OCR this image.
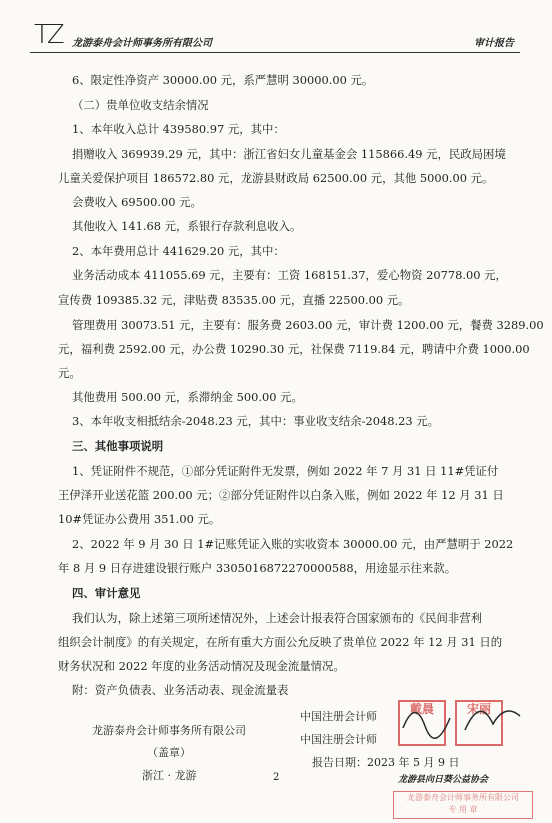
TZ 龙游泰舟会计师事务所有限公司	审计报告
6、限定性净资产 30000.00 元，系严慧明 30000.00 元。
（二）贵单位收支结余情况
1、本年收入总计 439580.97 元，其中：
捐赠收入 369939.29 元，其中：浙江省妇女儿童基金会 115866.49 元，民政局困境
儿童关爱保护项目 186572.80 元，龙游县财政局 62500.00 元，其他 5000.00 元。
会费收入 69500.00 元。
其他收入 141.68 元，系银行存款利息收入。
2、本年费用总计 441629.20 元，其中：
业务活动成本 411055.69 元，主要有：工资 168151.37，爱心物资 20778.00 元，
宣传费 109385.32 元，津贴费 83535.00 元，直播 22500.00 元。
管理费用 30073.51 元，主要有：服务费 2603.00 元，审计费 1200.00 元，餐费 3289.00
元，福利费 2592.00 元，办公费 10290.30 元，社保费 7119.84 元，聘请中介费 1000.00
元。
其他费用 500.00 元，系滞纳金 500.00 元。
3、本年收支相抵结余-2048.23 元，其中：事业收支结余-2048.23 元。
三、其他事项说明
1、凭证附件不规范，①部分凭证附件无发票，例如 2022 年 7 月 31 日 11#凭证付
王伊泽开业送花篮 200.00 元；②部分凭证附件以白条入账，例如 2022 年 12 月 31 日
10#凭证办公费用 351.00 元。
2、2022 年 9 月 30 日 1#记账凭证入账的实收资本 30000.00 元，由严慧明于 2022
年 8 月 9 日存进建设银行账户 3305016872270000588，用途显示往来款。
四、审计意见
我们认为，除上述第三项所述情况外，上述会计报表符合国家颁布的《民间非营利
组织会计制度》的有关规定，在所有重大方面公允反映了贵单位 2022 年 12 月 31 日的
财务状况和 2022 年度的业务活动情况及现金流量情况。
附：资产负债表、业务活动表、现金流量表
龙游泰舟会计师事务所有限公司
（盖章）
浙江 · 龙游
中国注册会计师
中国注册会计师
报告日期：2023 年 5 月 9 日
戴晨	宋丽
2	龙游县向日葵公益协会
龙游泰舟会计师事务所有限公司
专 用 章
